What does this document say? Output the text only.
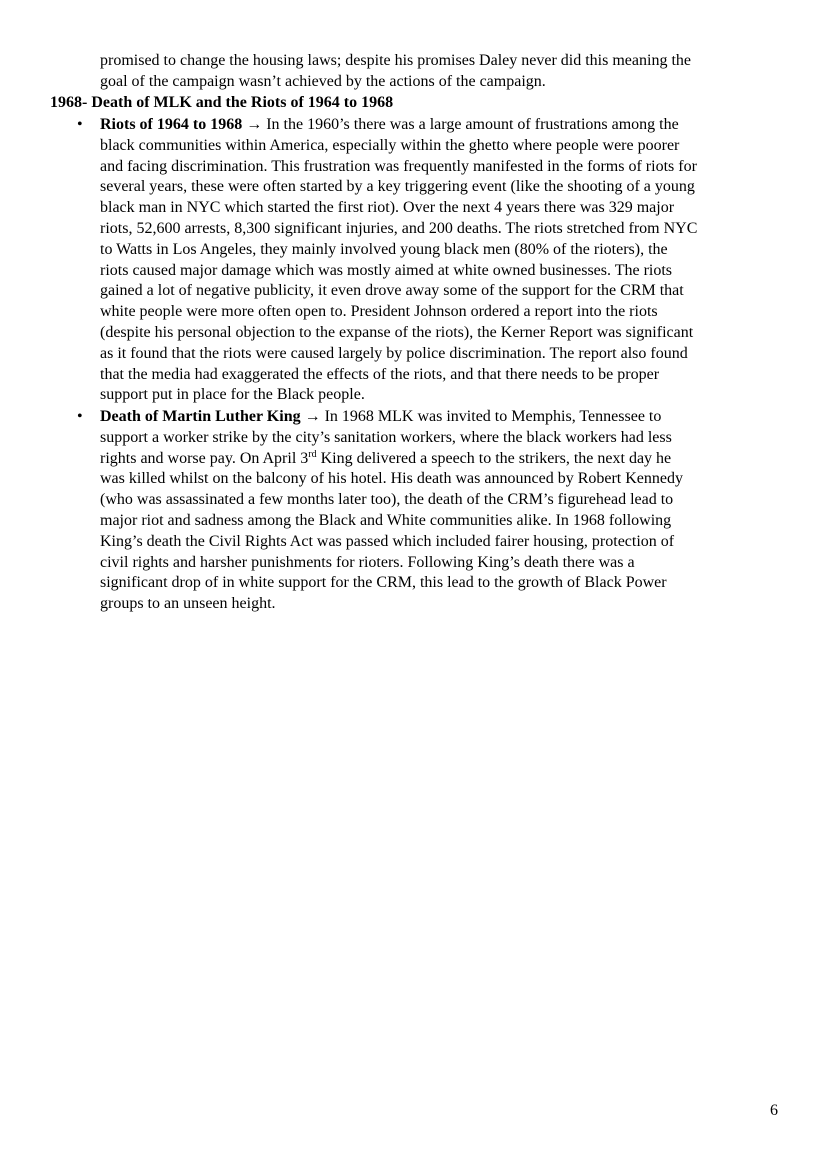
promised to change the housing laws; despite his promises Daley never did this meaning the
goal of the campaign wasn’t achieved by the actions of the campaign.
1968- Death of MLK and the Riots of 1964 to 1968
• Riots of 1964 to 1968 → In the 1960’s there was a large amount of frustrations among the
black communities within America, especially within the ghetto where people were poorer
and facing discrimination. This frustration was frequently manifested in the forms of riots for
several years, these were often started by a key triggering event (like the shooting of a young
black man in NYC which started the first riot). Over the next 4 years there was 329 major
riots, 52,600 arrests, 8,300 significant injuries, and 200 deaths. The riots stretched from NYC
to Watts in Los Angeles, they mainly involved young black men (80% of the rioters), the
riots caused major damage which was mostly aimed at white owned businesses. The riots
gained a lot of negative publicity, it even drove away some of the support for the CRM that
white people were more often open to. President Johnson ordered a report into the riots
(despite his personal objection to the expanse of the riots), the Kerner Report was significant
as it found that the riots were caused largely by police discrimination. The report also found
that the media had exaggerated the effects of the riots, and that there needs to be proper
support put in place for the Black people.
• Death of Martin Luther King → In 1968 MLK was invited to Memphis, Tennessee to
support a worker strike by the city’s sanitation workers, where the black workers had less
rights and worse pay. On April 3rd King delivered a speech to the strikers, the next day he
was killed whilst on the balcony of his hotel. His death was announced by Robert Kennedy
(who was assassinated a few months later too), the death of the CRM’s figurehead lead to
major riot and sadness among the Black and White communities alike. In 1968 following
King’s death the Civil Rights Act was passed which included fairer housing, protection of
civil rights and harsher punishments for rioters. Following King’s death there was a
significant drop of in white support for the CRM, this lead to the growth of Black Power
groups to an unseen height.
6
